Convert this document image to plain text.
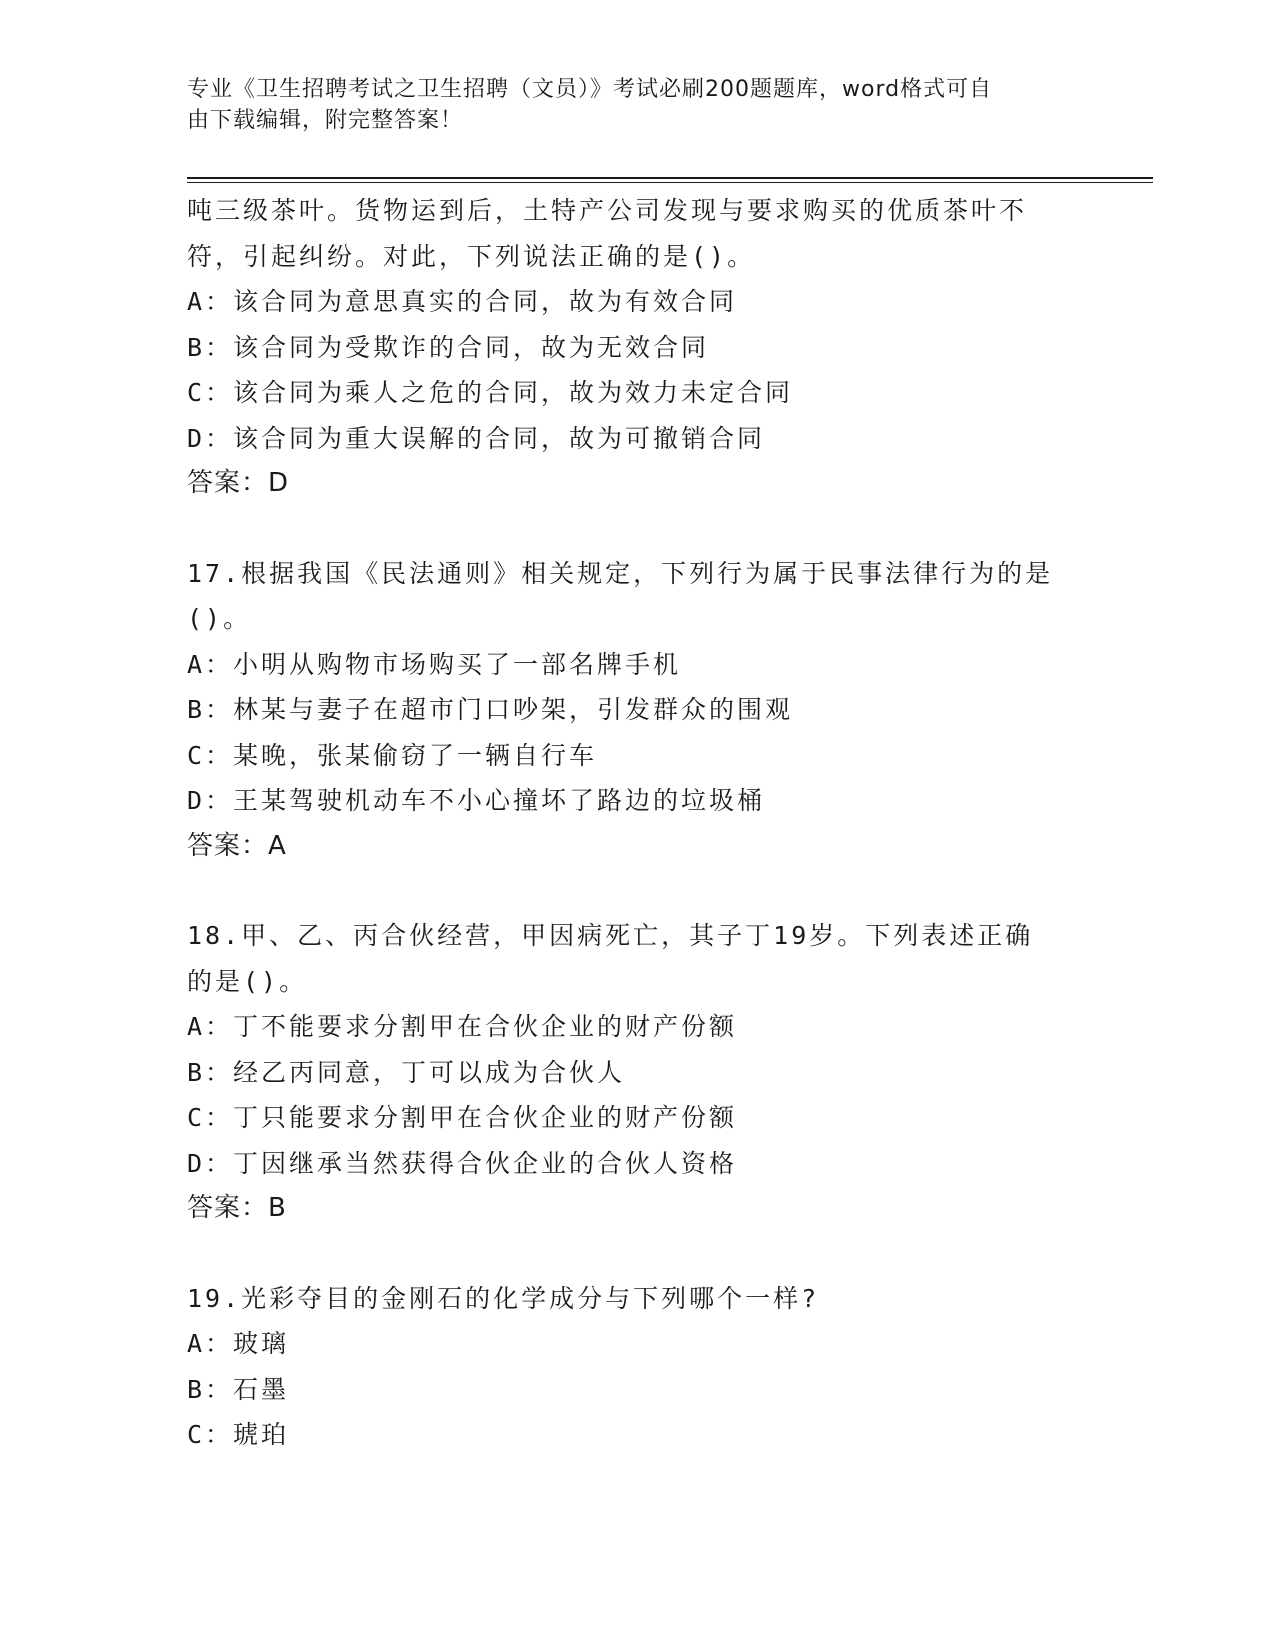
专业《卫生招聘考试之卫生招聘（文员）》考试必刷200题题库，word格式可自
由下载编辑，附完整答案！

吨三级茶叶。货物运到后，土特产公司发现与要求购买的优质茶叶不

符，引起纠纷。对此，下列说法正确的是()。

A：该合同为意思真实的合同，故为有效合同

B：该合同为受欺诈的合同，故为无效合同

C：该合同为乘人之危的合同，故为效力未定合同

D：该合同为重大误解的合同，故为可撤销合同

答案：D

17.根据我国《民法通则》相关规定，下列行为属于民事法律行为的是

()。

A：小明从购物市场购买了一部名牌手机

B：林某与妻子在超市门口吵架，引发群众的围观

C：某晚，张某偷窃了一辆自行车

D：王某驾驶机动车不小心撞坏了路边的垃圾桶

答案：A

18.甲、乙、丙合伙经营，甲因病死亡，其子丁19岁。下列表述正确

的是()。

A：丁不能要求分割甲在合伙企业的财产份额

B：经乙丙同意，丁可以成为合伙人

C：丁只能要求分割甲在合伙企业的财产份额

D：丁因继承当然获得合伙企业的合伙人资格

答案：B

19.光彩夺目的金刚石的化学成分与下列哪个一样?

A：玻璃

B：石墨

C：琥珀
